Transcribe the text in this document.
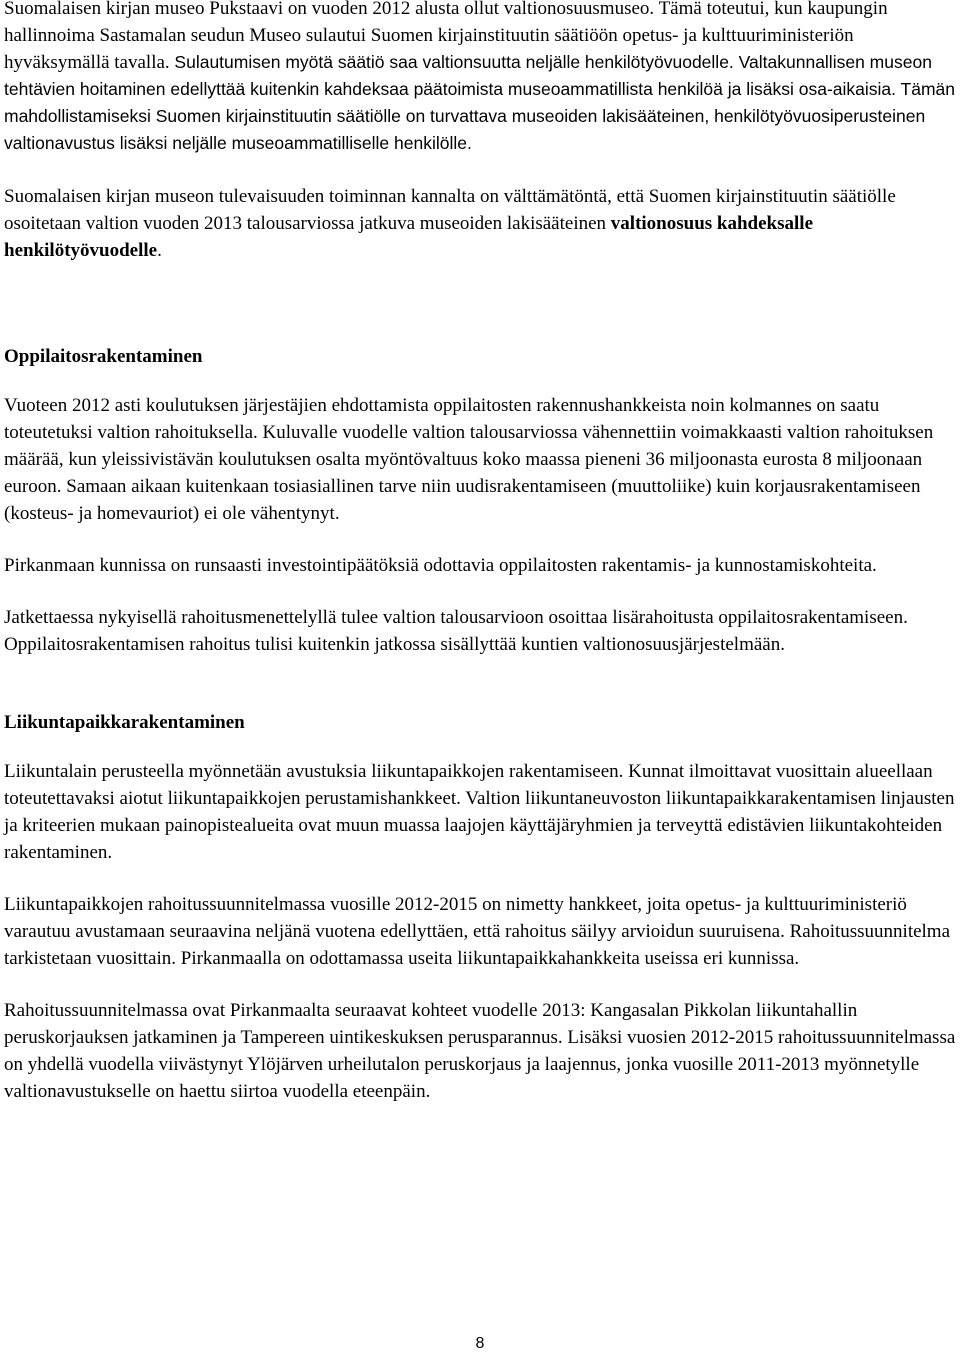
Suomalaisen kirjan museo Pukstaavi on vuoden 2012 alusta ollut valtionosuusmuseo. Tämä toteutui, kun kaupungin hallinnoima Sastamalan seudun Museo sulautui Suomen kirjainstituutin säätiöön opetus- ja kulttuuriministeriön hyväksymällä tavalla. Sulautumisen myötä säätiö saa valtionsuutta neljälle henkilötyövuodelle. Valtakunnallisen museon tehtävien hoitaminen edellyttää kuitenkin kahdeksaa päätoimista museoammatillista henkilöä ja lisäksi osa-aikaisia. Tämän mahdollistamiseksi Suomen kirjainstituutin säätiölle on turvattava museoiden lakisääteinen, henkilötyövuosiperusteinen valtionavustus lisäksi neljälle museoammatilliselle henkilölle.

Suomalaisen kirjan museon tulevaisuuden toiminnan kannalta on välttämätöntä, että Suomen kirjainstituutin säätiölle osoitetaan valtion vuoden 2013 talousarviossa jatkuva museoiden lakisääteinen valtionosuus kahdeksalle henkilötyövuodelle.

Oppilaitosrakentaminen

Vuoteen 2012 asti koulutuksen järjestäjien ehdottamista oppilaitosten rakennushankkeista noin kolmannes on saatu toteutetuksi valtion rahoituksella. Kuluvalle vuodelle valtion talousarviossa vähennettiin voimakkaasti valtion rahoituksen määrää, kun yleissivistävän koulutuksen osalta myöntövaltuus koko maassa pieneni 36 miljoonasta eurosta 8 miljoonaan euroon. Samaan aikaan kuitenkaan tosiasiallinen tarve niin uudisrakentamiseen (muuttoliike) kuin korjausrakentamiseen (kosteus- ja homevauriot) ei ole vähentynyt.

Pirkanmaan kunnissa on runsaasti investointipäätöksiä odottavia oppilaitosten rakentamis- ja kunnostamiskohteita.

Jatkettaessa nykyisellä rahoitusmenettelyllä tulee valtion talousarvioon osoittaa lisärahoitusta oppilaitosrakentamiseen. Oppilaitosrakentamisen rahoitus tulisi kuitenkin jatkossa sisällyttää kuntien valtionosuusjärjestelmään.

Liikuntapaikkarakentaminen

Liikuntalain perusteella myönnetään avustuksia liikuntapaikkojen rakentamiseen. Kunnat ilmoittavat vuosittain alueellaan toteutettavaksi aiotut liikuntapaikkojen perustamishankkeet. Valtion liikuntaneuvoston liikuntapaikkarakentamisen linjausten ja kriteerien mukaan painopistealueita ovat muun muassa laajojen käyttäjäryhmien ja terveyttä edistävien liikuntakohteiden rakentaminen.

Liikuntapaikkojen rahoitussuunnitelmassa vuosille 2012-2015 on nimetty hankkeet, joita opetus- ja kulttuuriministeriö varautuu avustamaan seuraavina neljänä vuotena edellyttäen, että rahoitus säilyy arvioidun suuruisena. Rahoitussuunnitelma tarkistetaan vuosittain. Pirkanmaalla on odottamassa useita liikuntapaikkahankkeita useissa eri kunnissa.

Rahoitussuunnitelmassa ovat Pirkanmaalta seuraavat kohteet vuodelle 2013: Kangasalan Pikkolan liikuntahallin peruskorjauksen jatkaminen ja Tampereen uintikeskuksen perusparannus. Lisäksi vuosien 2012-2015 rahoitussuunnitelmassa on yhdellä vuodella viivästynyt Ylöjärven urheilutalon peruskorjaus ja laajennus, jonka vuosille 2011-2013 myönnetylle valtionavustukselle on haettu siirtoa vuodella eteenpäin.

8
